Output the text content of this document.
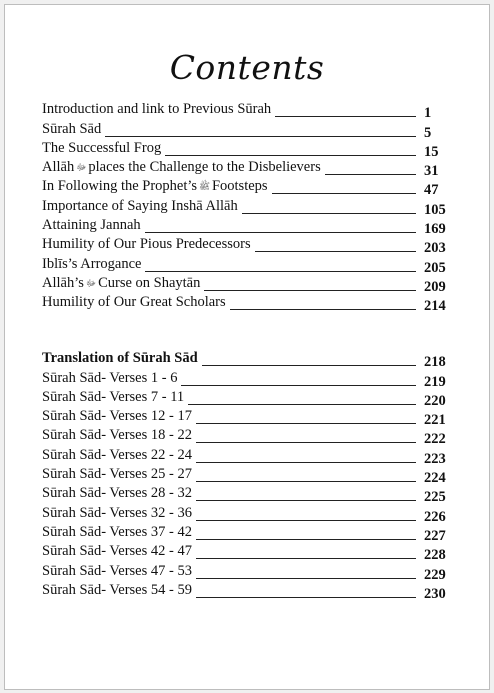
Contents
Introduction and link to Previous Sūrah	1
Sūrah Sād	5
The Successful Frog	15
Allāh ﷻ places the Challenge to the Disbelievers	31
In Following the Prophet’s ﷺ Footsteps	47
Importance of Saying Inshā Allāh	105
Attaining Jannah	169
Humility of Our Pious Predecessors	203
Iblīs’s Arrogance	205
Allāh’s ﷻ Curse on Shaytān	209
Humility of Our Great Scholars	214
Translation of Sūrah Sād	218
Sūrah Sād- Verses 1 - 6	219
Sūrah Sād- Verses 7 - 11	220
Sūrah Sād- Verses 12 - 17	221
Sūrah Sād- Verses 18 - 22	222
Sūrah Sād- Verses 22 - 24	223
Sūrah Sād- Verses 25 - 27	224
Sūrah Sād- Verses 28 - 32	225
Sūrah Sād- Verses 32 - 36	226
Sūrah Sād- Verses 37 - 42	227
Sūrah Sād- Verses 42 - 47	228
Sūrah Sād- Verses 47 - 53	229
Sūrah Sād- Verses 54 - 59	230
